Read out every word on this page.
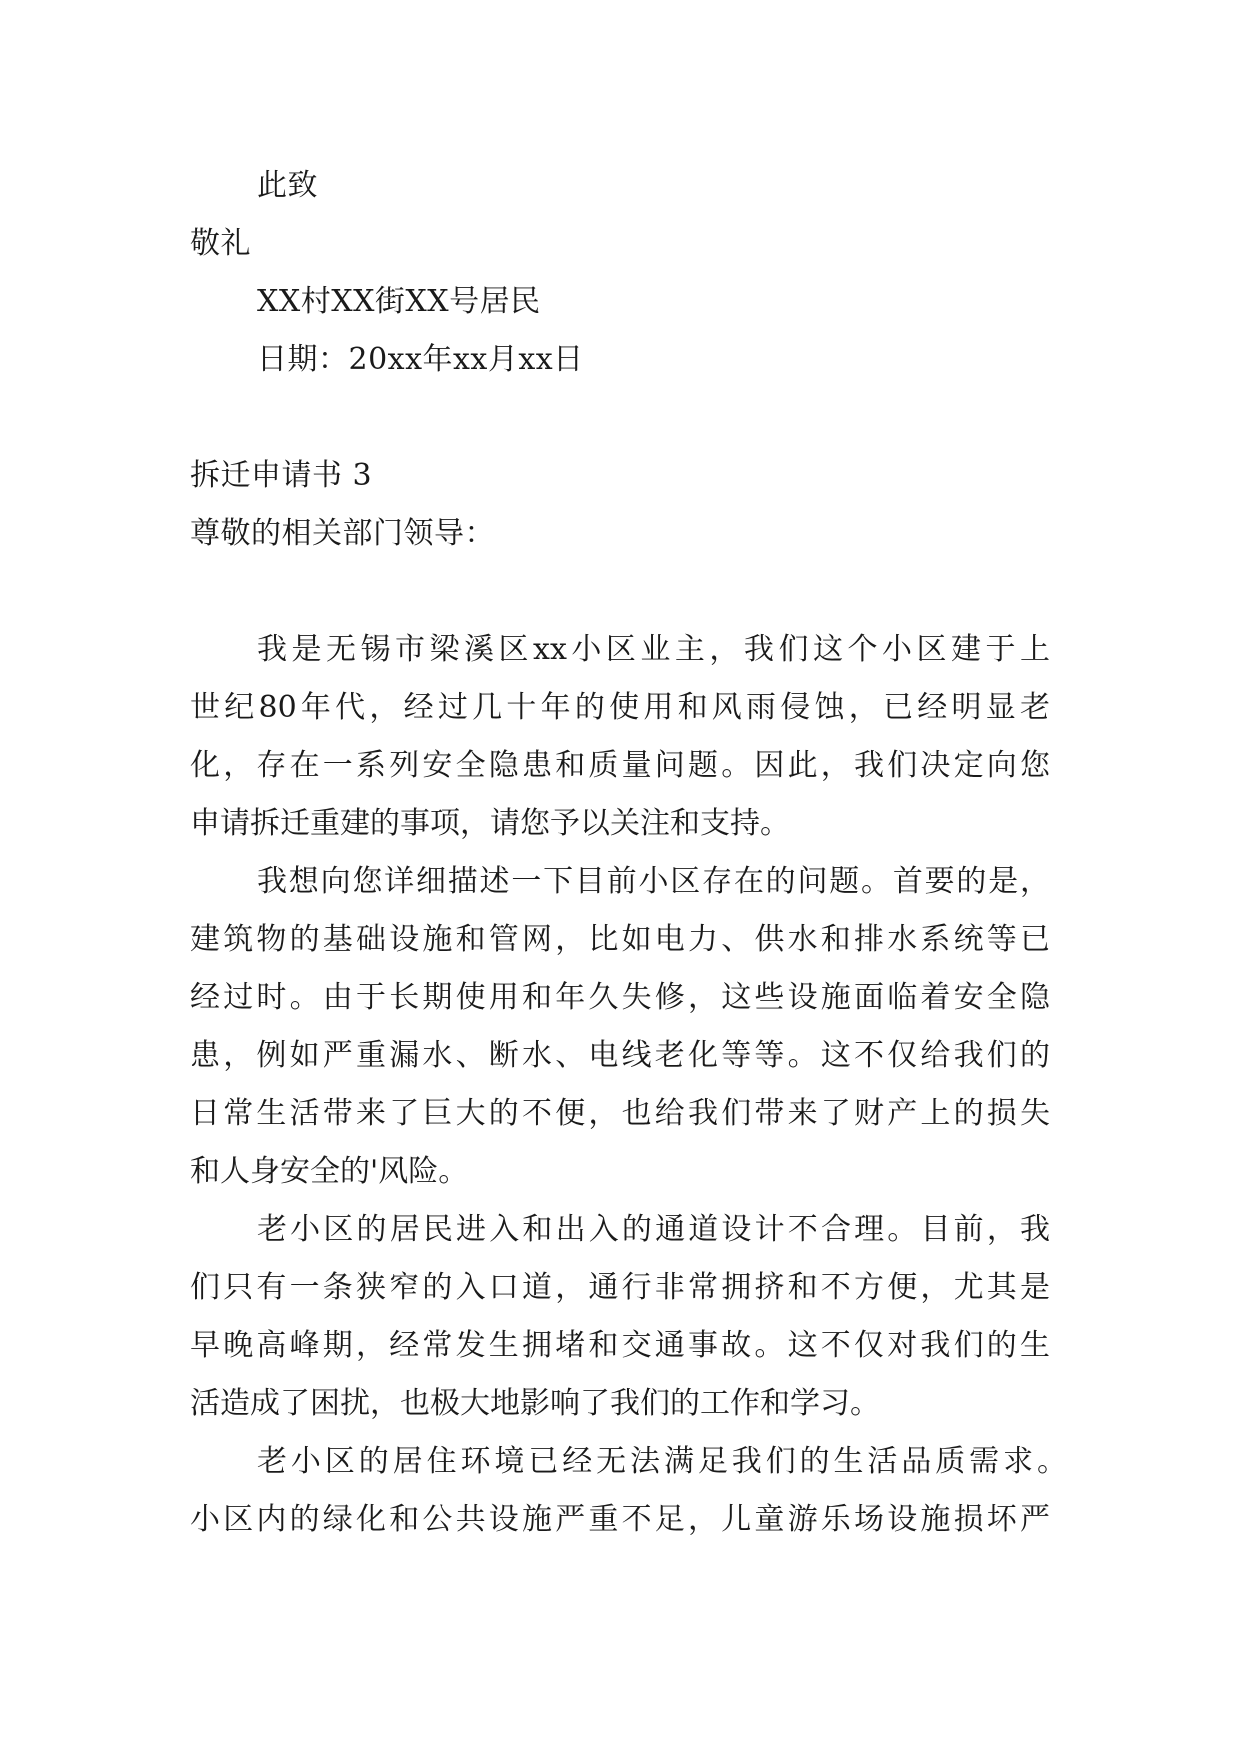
此致
敬礼
XX村XX街XX号居民
日期：20xx年xx月xx日
拆迁申请书 3
尊敬的相关部门领导：
我是无锡市梁溪区xx小区业主，我们这个小区建于上
世纪80年代，经过几十年的使用和风雨侵蚀，已经明显老
化，存在一系列安全隐患和质量问题。因此，我们决定向您
申请拆迁重建的事项，请您予以关注和支持。
我想向您详细描述一下目前小区存在的问题。首要的是，
建筑物的基础设施和管网，比如电力、供水和排水系统等已
经过时。由于长期使用和年久失修，这些设施面临着安全隐
患，例如严重漏水、断水、电线老化等等。这不仅给我们的
日常生活带来了巨大的不便，也给我们带来了财产上的损失
和人身安全的'风险。
老小区的居民进入和出入的通道设计不合理。目前，我
们只有一条狭窄的入口道，通行非常拥挤和不方便，尤其是
早晚高峰期，经常发生拥堵和交通事故。这不仅对我们的生
活造成了困扰，也极大地影响了我们的工作和学习。
老小区的居住环境已经无法满足我们的生活品质需求。
小区内的绿化和公共设施严重不足，儿童游乐场设施损坏严
